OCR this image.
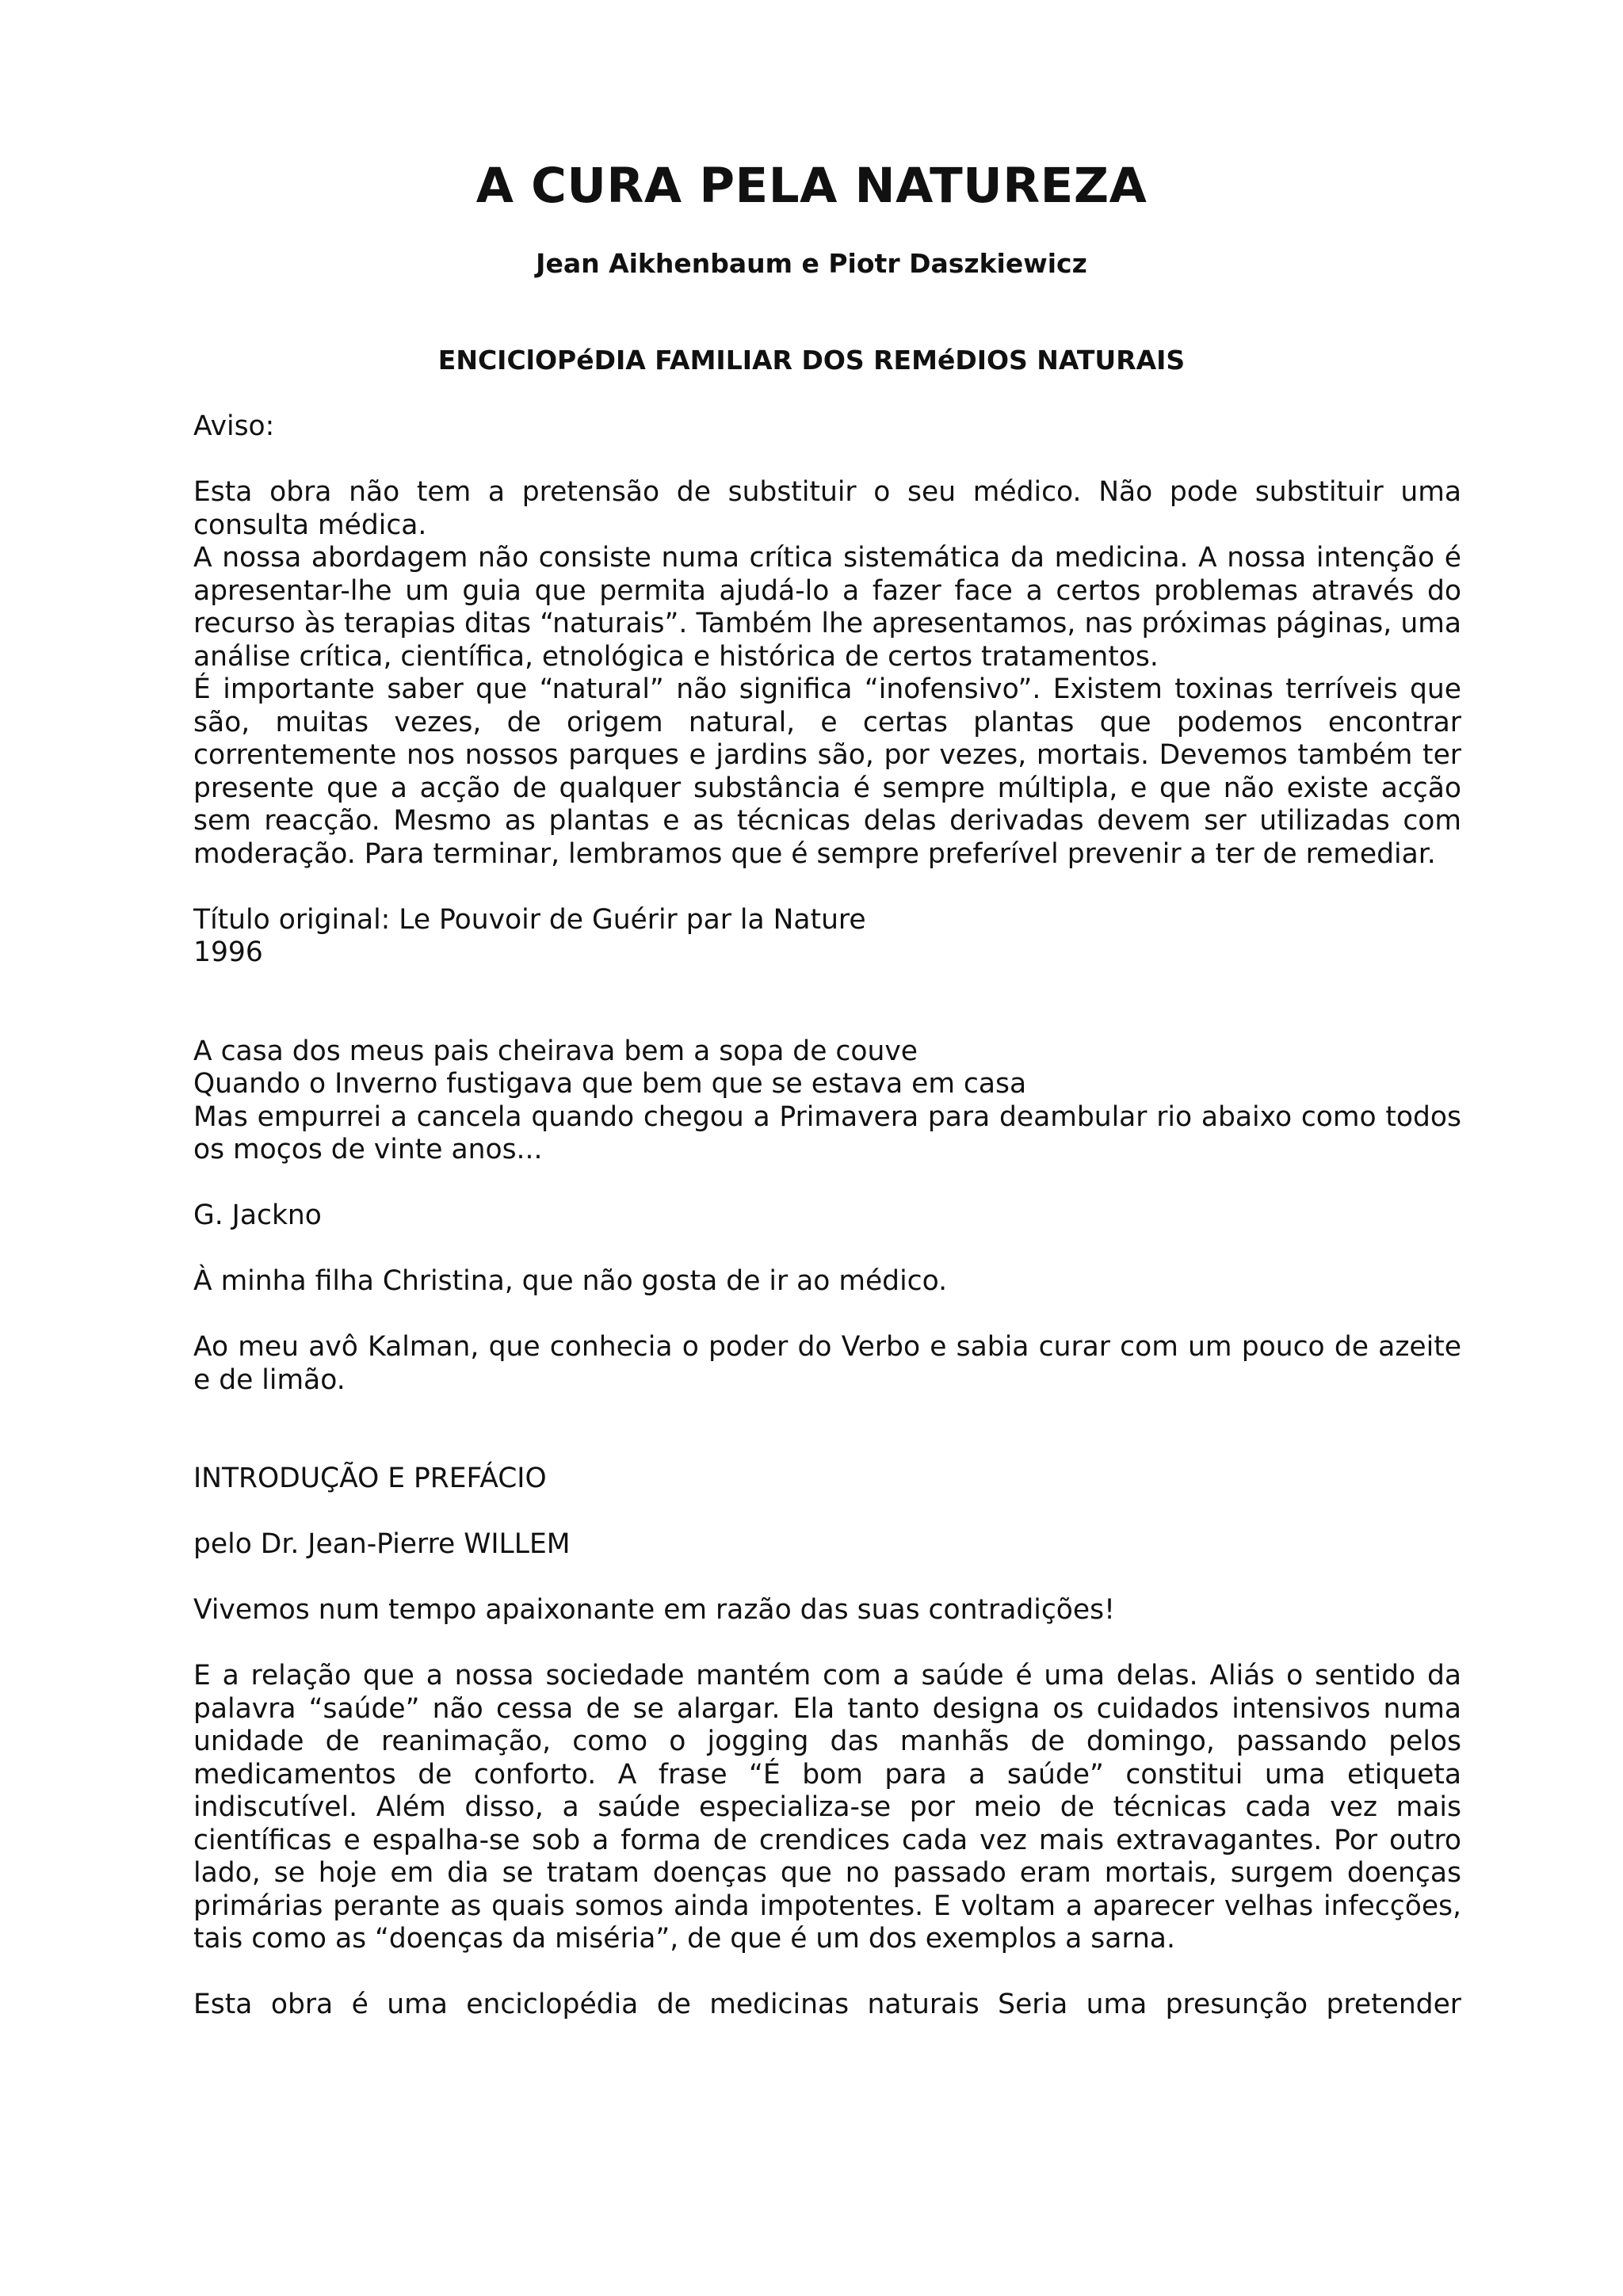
A CURA PELA NATUREZA
Jean Aikhenbaum e Piotr Daszkiewicz
ENCIClOPéDIA FAMILIAR DOS REMéDIOS NATURAIS

Aviso:

Esta obra não tem a pretensão de substituir o seu médico. Não pode substituir uma consulta médica.

A nossa abordagem não consiste numa crítica sistemática da medicina. A nossa intenção é apresentar-lhe um guia que permita ajudá-lo a fazer face a certos problemas através do recurso às terapias ditas “naturais”. Também lhe apresentamos, nas próximas páginas, uma análise crítica, científica, etnológica e histórica de certos tratamentos.

É importante saber que “natural” não significa “inofensivo”. Existem toxinas terríveis que são, muitas vezes, de origem natural, e certas plantas que podemos encontrar correntemente nos nossos parques e jardins são, por vezes, mortais. Devemos também ter presente que a acção de qualquer substância é sempre múltipla, e que não existe acção sem reacção. Mesmo as plantas e as técnicas delas derivadas devem ser utilizadas com moderação. Para terminar, lembramos que é sempre preferível prevenir a ter de remediar.

Título original: Le Pouvoir de Guérir par la Nature

1996

A casa dos meus pais cheirava bem a sopa de couve

Quando o Inverno fustigava que bem que se estava em casa

Mas empurrei a cancela quando chegou a Primavera para deambular rio abaixo como todos os moços de vinte anos...

G. Jackno

À minha filha Christina, que não gosta de ir ao médico.

Ao meu avô Kalman, que conhecia o poder do Verbo e sabia curar com um pouco de azeite e de limão.

INTRODUÇÃO E PREFÁCIO

pelo Dr. Jean-Pierre WILLEM

Vivemos num tempo apaixonante em razão das suas contradições!

E a relação que a nossa sociedade mantém com a saúde é uma delas. Aliás o sentido da palavra “saúde” não cessa de se alargar. Ela tanto designa os cuidados intensivos numa unidade de reanimação, como o jogging das manhãs de domingo, passando pelos medicamentos de conforto. A frase “É bom para a saúde” constitui uma etiqueta indiscutível. Além disso, a saúde especializa-se por meio de técnicas cada vez mais científicas e espalha-se sob a forma de crendices cada vez mais extravagantes. Por outro lado, se hoje em dia se tratam doenças que no passado eram mortais, surgem doenças primárias perante as quais somos ainda impotentes. E voltam a aparecer velhas infecções, tais como as “doenças da miséria”, de que é um dos exemplos a sarna.

Esta obra é uma enciclopédia de medicinas naturais Seria uma presunção pretender
